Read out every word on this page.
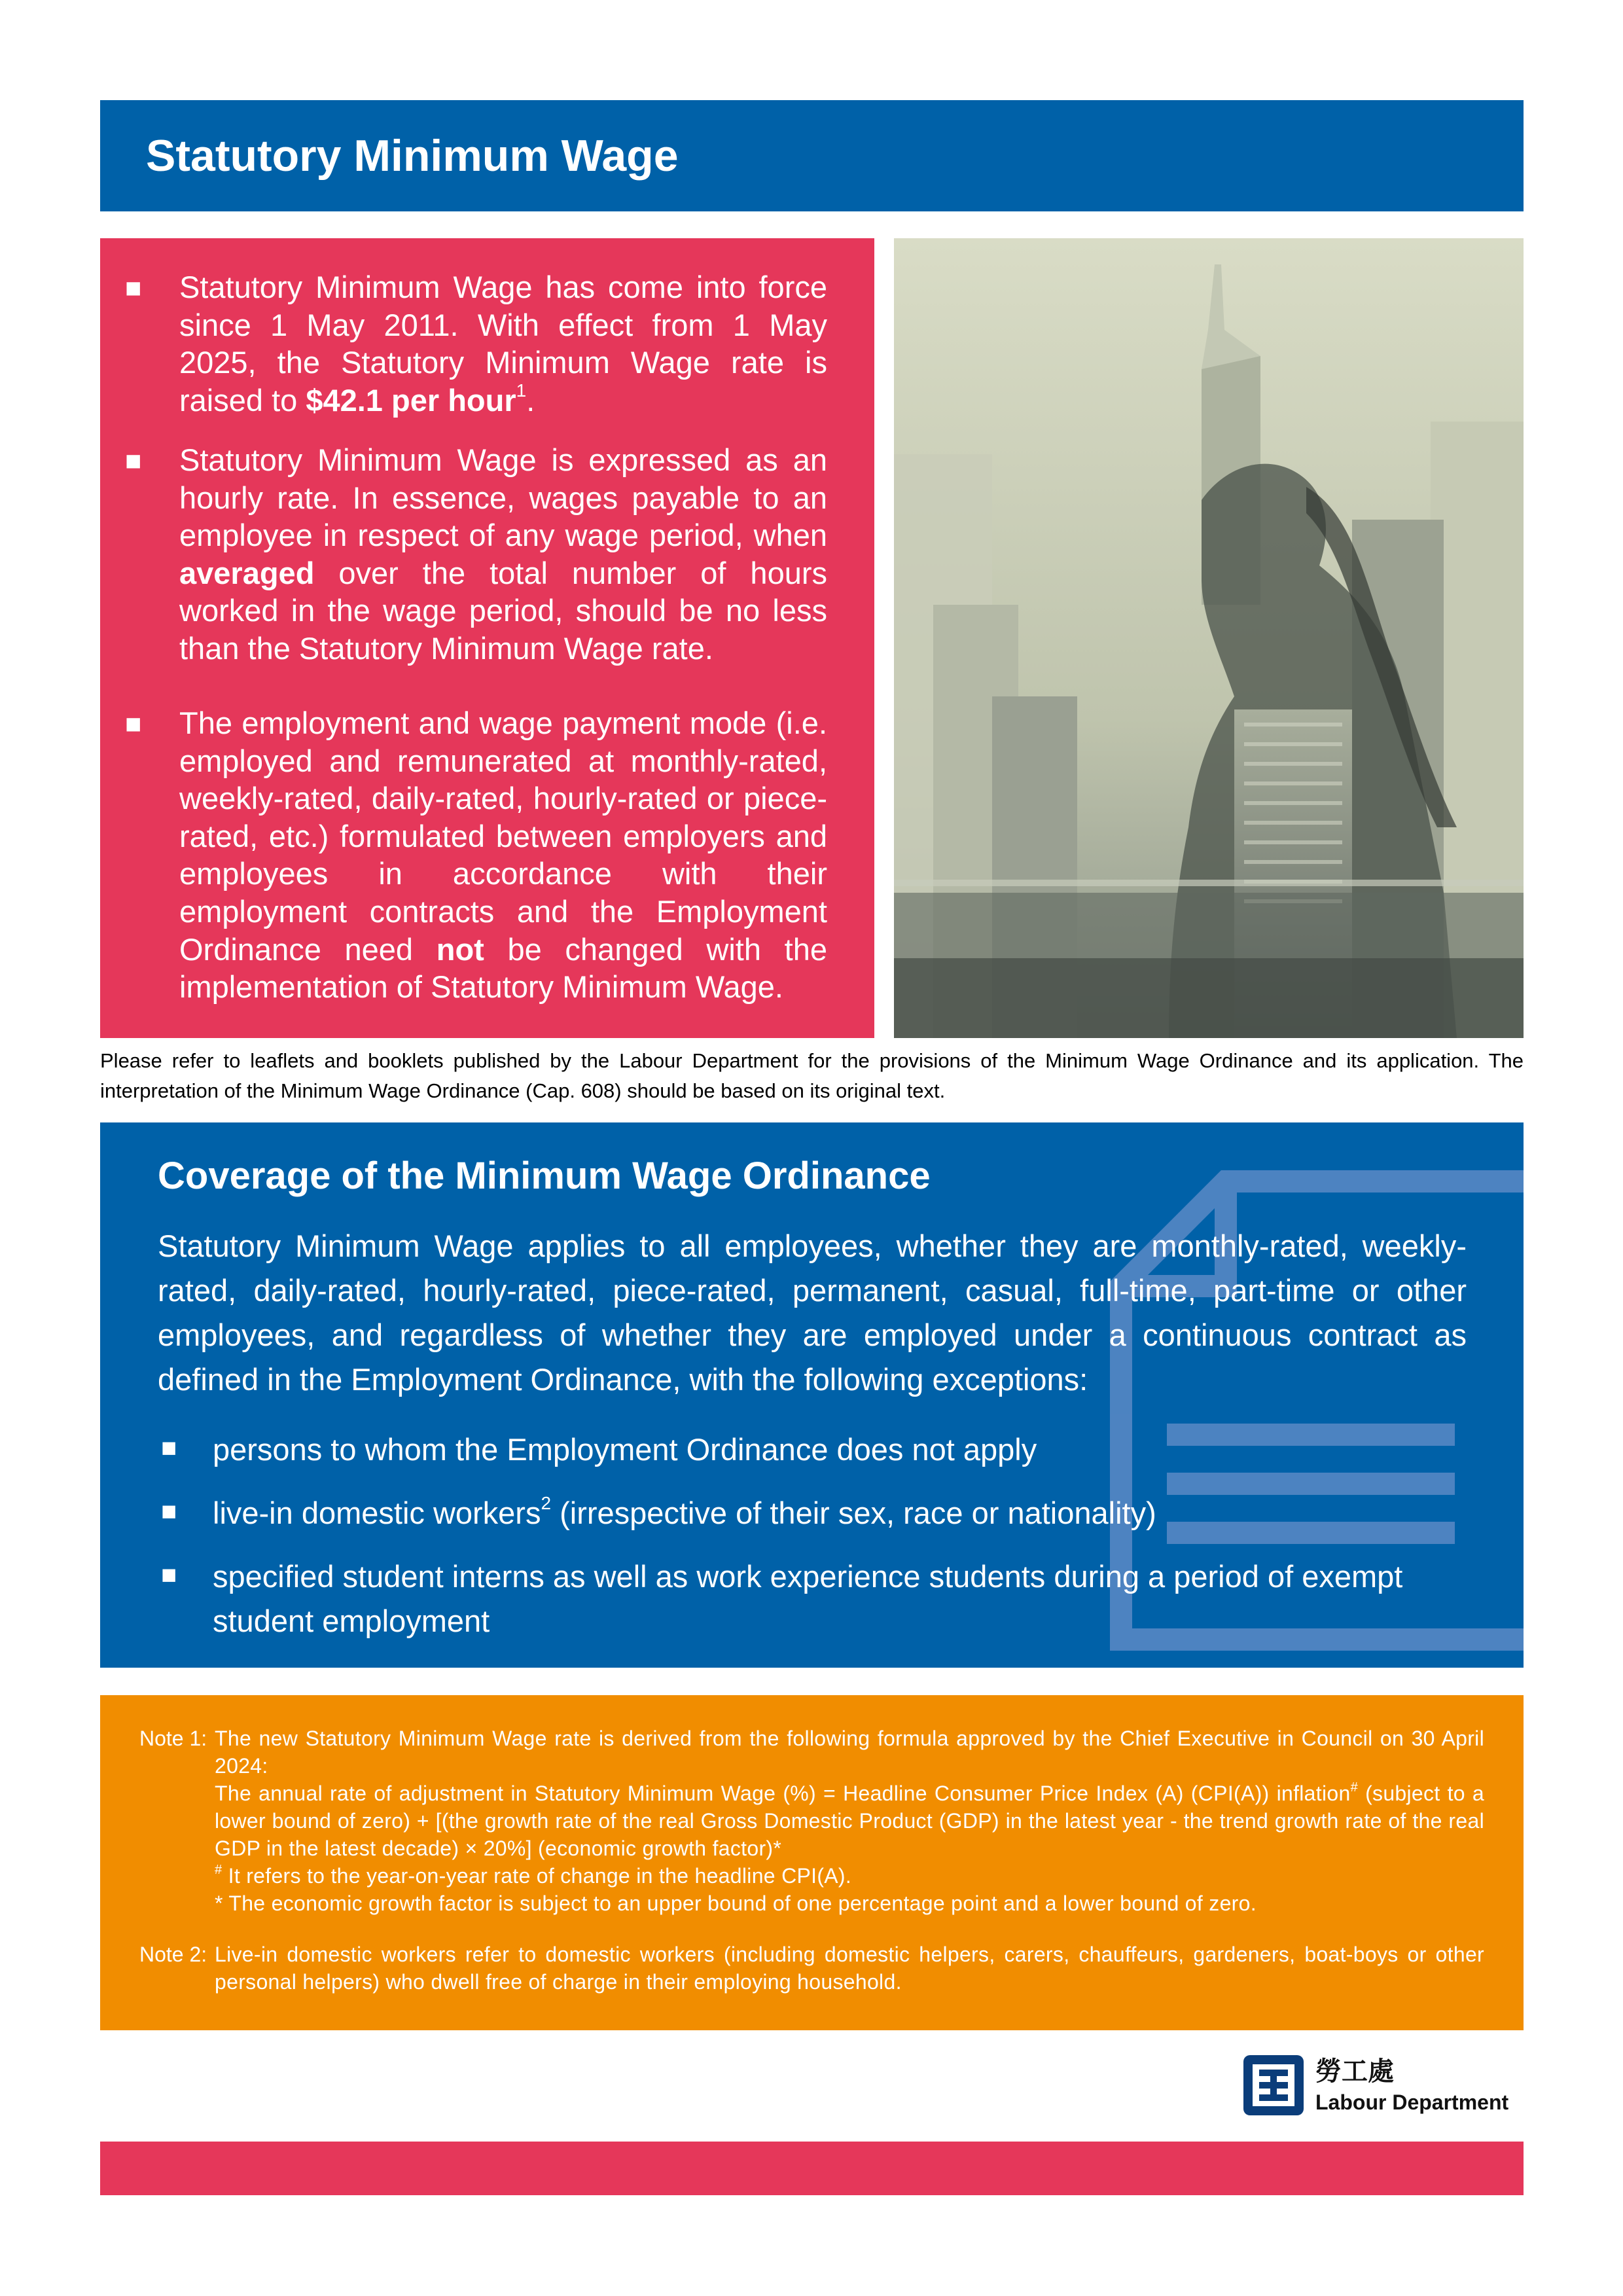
Statutory Minimum Wage
■ Statutory Minimum Wage has come into force since 1 May 2011. With effect from 1 May 2025, the Statutory Minimum Wage rate is raised to $42.1 per hour$^1$.

■ Statutory Minimum Wage is expressed as an hourly rate. In essence, wages payable to an employee in respect of any wage period, when averaged over the total number of hours worked in the wage period, should be no less than the Statutory Minimum Wage rate.

■ The employment and wage payment mode (i.e. employed and remunerated at monthly-rated, weekly-rated, daily-rated, hourly-rated or piece-rated, etc.) formulated between employers and employees in accordance with their employment contracts and the Employment Ordinance need not be changed with the implementation of Statutory Minimum Wage.

Please refer to leaflets and booklets published by the Labour Department for the provisions of the Minimum Wage Ordinance and its application. The interpretation of the Minimum Wage Ordinance (Cap. 608) should be based on its original text.

Coverage of the Minimum Wage Ordinance

Statutory Minimum Wage applies to all employees, whether they are monthly-rated, weekly-rated, daily-rated, hourly-rated, piece-rated, permanent, casual, full-time, part-time or other employees, and regardless of whether they are employed under a continuous contract as defined in the Employment Ordinance, with the following exceptions:

■ persons to whom the Employment Ordinance does not apply

■ live-in domestic workers$^2$ (irrespective of their sex, race or nationality)

■ specified student interns as well as work experience students during a period of exempt student employment

Note 1: The new Statutory Minimum Wage rate is derived from the following formula approved by the Chief Executive in Council on 30 April 2024:
The annual rate of adjustment in Statutory Minimum Wage (%) = Headline Consumer Price Index (A) (CPI(A)) inflation# (subject to a lower bound of zero) + [(the growth rate of the real Gross Domestic Product (GDP) in the latest year - the trend growth rate of the real GDP in the latest decade) × 20%] (economic growth factor)*
# It refers to the year-on-year rate of change in the headline CPI(A).
* The economic growth factor is subject to an upper bound of one percentage point and a lower bound of zero.
Note 2: Live-in domestic workers refer to domestic workers (including domestic helpers, carers, chauffeurs, gardeners, boat-boys or other personal helpers) who dwell free of charge in their employing household.

勞工處
Labour Department
